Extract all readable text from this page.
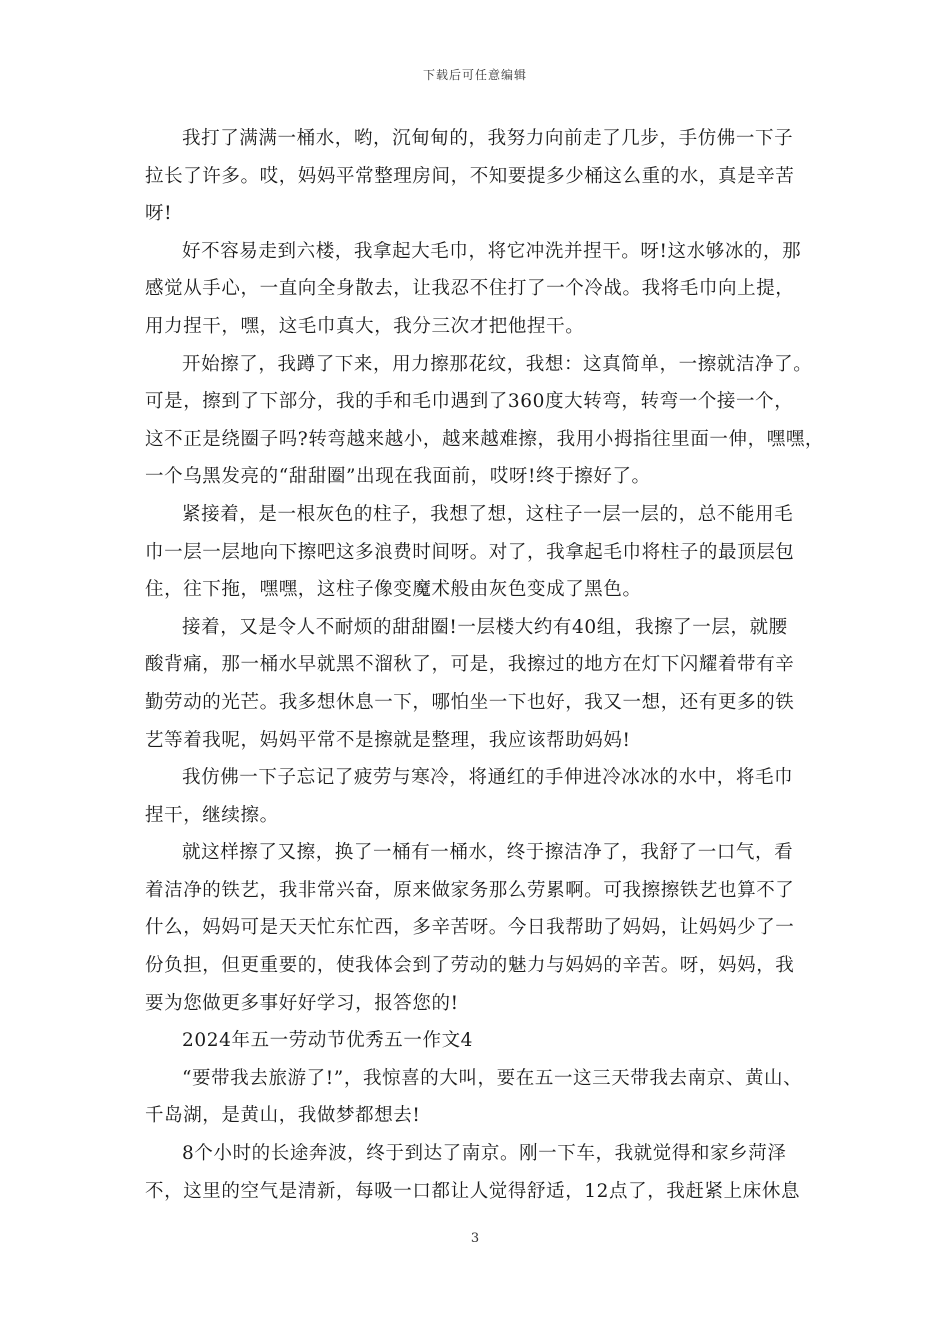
下载后可任意编辑
我打了满满一桶水，哟，沉甸甸的，我努力向前走了几步，手仿佛一下子
拉长了许多。哎，妈妈平常整理房间，不知要提多少桶这么重的水，真是辛苦
呀!
好不容易走到六楼，我拿起大毛巾，将它冲洗并捏干。呀!这水够冰的，那
感觉从手心，一直向全身散去，让我忍不住打了一个冷战。我将毛巾向上提，
用力捏干，嘿，这毛巾真大，我分三次才把他捏干。
开始擦了，我蹲了下来，用力擦那花纹，我想：这真简单，一擦就洁净了。
可是，擦到了下部分，我的手和毛巾遇到了360度大转弯，转弯一个接一个，
这不正是绕圈子吗?转弯越来越小，越来越难擦，我用小拇指往里面一伸，嘿嘿，
一个乌黑发亮的“甜甜圈”出现在我面前，哎呀!终于擦好了。
紧接着，是一根灰色的柱子，我想了想，这柱子一层一层的，总不能用毛
巾一层一层地向下擦吧这多浪费时间呀。对了，我拿起毛巾将柱子的最顶层包
住，往下拖，嘿嘿，这柱子像变魔术般由灰色变成了黑色。
接着，又是令人不耐烦的甜甜圈!一层楼大约有40组，我擦了一层，就腰
酸背痛，那一桶水早就黑不溜秋了，可是，我擦过的地方在灯下闪耀着带有辛
勤劳动的光芒。我多想休息一下，哪怕坐一下也好，我又一想，还有更多的铁
艺等着我呢，妈妈平常不是擦就是整理，我应该帮助妈妈!
我仿佛一下子忘记了疲劳与寒冷，将通红的手伸进冷冰冰的水中，将毛巾
捏干，继续擦。
就这样擦了又擦，换了一桶有一桶水，终于擦洁净了，我舒了一口气，看
着洁净的铁艺，我非常兴奋，原来做家务那么劳累啊。可我擦擦铁艺也算不了
什么，妈妈可是天天忙东忙西，多辛苦呀。今日我帮助了妈妈，让妈妈少了一
份负担，但更重要的，使我体会到了劳动的魅力与妈妈的辛苦。呀，妈妈，我
要为您做更多事好好学习，报答您的!
2024年五一劳动节优秀五一作文4
“要带我去旅游了!”，我惊喜的大叫，要在五一这三天带我去南京、黄山、
千岛湖，是黄山，我做梦都想去!
8个小时的长途奔波，终于到达了南京。刚一下车，我就觉得和家乡菏泽
不，这里的空气是清新，每吸一口都让人觉得舒适，12点了，我赶紧上床休息
3
